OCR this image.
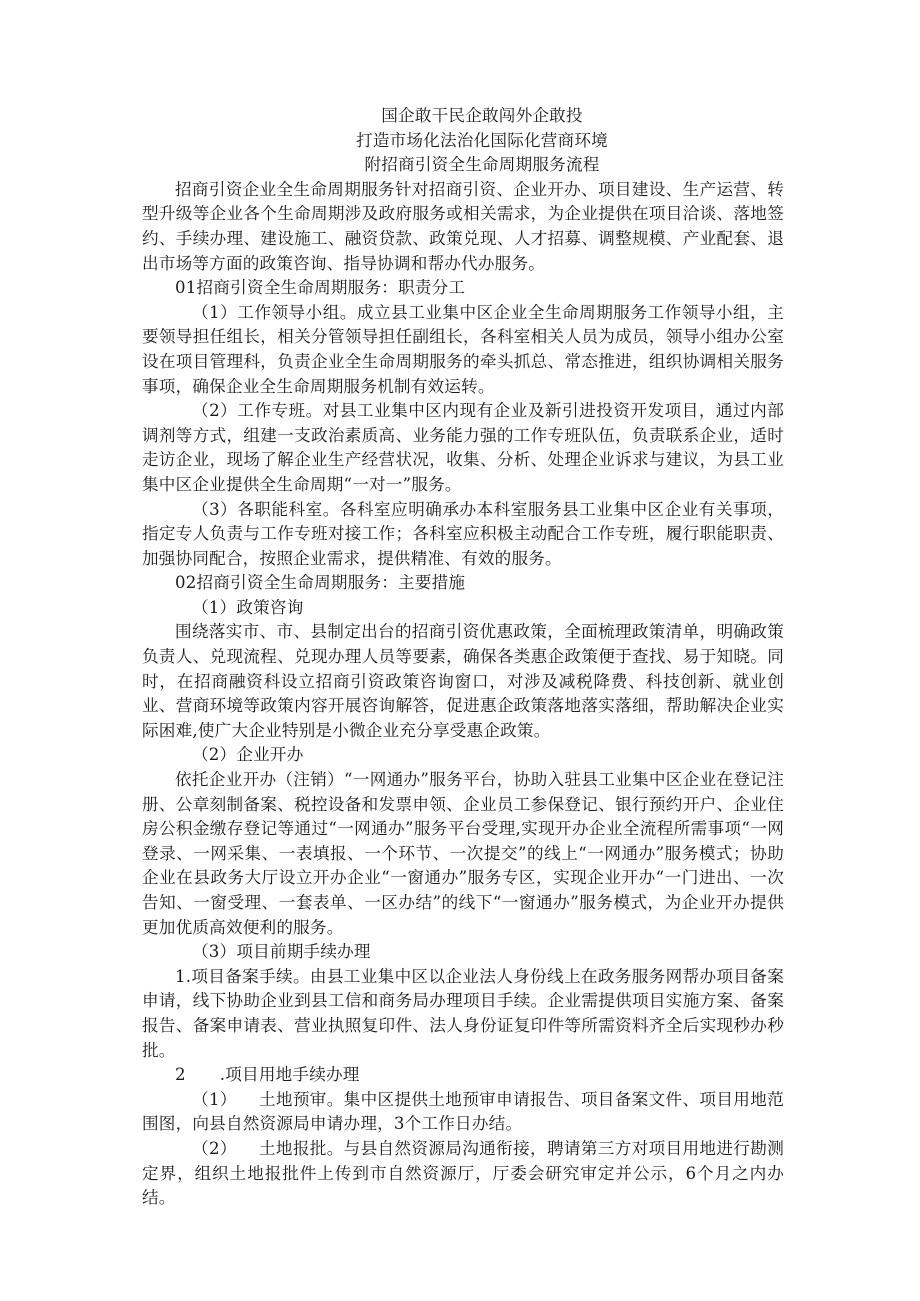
国企敢干民企敢闯外企敢投

打造市场化法治化国际化营商环境

附招商引资全生命周期服务流程

招商引资企业全生命周期服务针对招商引资、企业开办、项目建设、生产运营、转型升级等企业各个生命周期涉及政府服务或相关需求，为企业提供在项目洽谈、落地签约、手续办理、建设施工、融资贷款、政策兑现、人才招募、调整规模、产业配套、退出市场等方面的政策咨询、指导协调和帮办代办服务。

01招商引资全生命周期服务：职责分工

（1）工作领导小组。成立县工业集中区企业全生命周期服务工作领导小组，主要领导担任组长，相关分管领导担任副组长，各科室相关人员为成员，领导小组办公室设在项目管理科，负责企业全生命周期服务的牵头抓总、常态推进，组织协调相关服务事项，确保企业全生命周期服务机制有效运转。

（2）工作专班。对县工业集中区内现有企业及新引进投资开发项目，通过内部调剂等方式，组建一支政治素质高、业务能力强的工作专班队伍，负责联系企业，适时走访企业，现场了解企业生产经营状况，收集、分析、处理企业诉求与建议，为县工业集中区企业提供全生命周期“一对一”服务。

（3）各职能科室。各科室应明确承办本科室服务县工业集中区企业有关事项，指定专人负责与工作专班对接工作；各科室应积极主动配合工作专班，履行职能职责、加强协同配合，按照企业需求，提供精准、有效的服务。

02招商引资全生命周期服务：主要措施

（1）政策咨询

围绕落实市、市、县制定出台的招商引资优惠政策，全面梳理政策清单，明确政策负责人、兑现流程、兑现办理人员等要素，确保各类惠企政策便于查找、易于知晓。同时，在招商融资科设立招商引资政策咨询窗口，对涉及减税降费、科技创新、就业创业、营商环境等政策内容开展咨询解答，促进惠企政策落地落实落细，帮助解决企业实际困难,使广大企业特别是小微企业充分享受惠企政策。

（2）企业开办

依托企业开办（注销）“一网通办”服务平台，协助入驻县工业集中区企业在登记注册、公章刻制备案、税控设备和发票申领、企业员工参保登记、银行预约开户、企业住房公积金缴存登记等通过“一网通办”服务平台受理,实现开办企业全流程所需事项“一网登录、一网采集、一表填报、一个环节、一次提交”的线上“一网通办”服务模式；协助企业在县政务大厅设立开办企业“一窗通办”服务专区，实现企业开办“一门进出、一次告知、一窗受理、一套表单、一区办结”的线下“一窗通办”服务模式，为企业开办提供更加优质高效便利的服务。

（3）项目前期手续办理

1.项目备案手续。由县工业集中区以企业法人身份线上在政务服务网帮办项目备案申请，线下协助企业到县工信和商务局办理项目手续。企业需提供项目实施方案、备案报告、备案申请表、营业执照复印件、法人身份证复印件等所需资料齐全后实现秒办秒批。

2 .项目用地手续办理

（1） 土地预审。集中区提供土地预审申请报告、项目备案文件、项目用地范围图，向县自然资源局申请办理，3个工作日办结。

（2） 土地报批。与县自然资源局沟通衔接，聘请第三方对项目用地进行勘测定界，组织土地报批件上传到市自然资源厅，厅委会研究审定并公示，6个月之内办结。
